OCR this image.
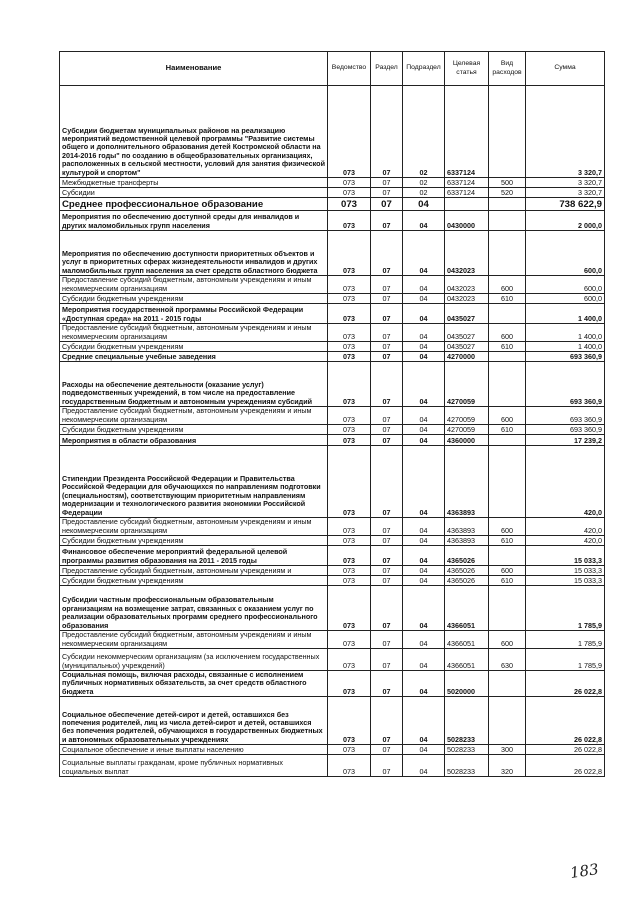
Наименование	Ведомство	Раздел	Подраздел	Целевая статья	Вид расходов	Сумма
Субсидии бюджетам муниципальных районов на реализацию мероприятий ведомственной целевой программы "Развитие системы общего и дополнительного образования детей Костромской области на 2014-2016 годы" по созданию в общеобразовательных организациях, расположенных в сельской местности, условий для занятия физической культурой и спортом"	073	07	02	6337124		3 320,7
Межбюджетные трансферты	073	07	02	6337124	500	3 320,7
Субсидии	073	07	02	6337124	520	3 320,7
Среднее профессиональное образование	073	07	04			738 622,9
Мероприятия по обеспечению доступной среды для инвалидов и других маломобильных групп населения	073	07	04	0430000		2 000,0
Мероприятия по обеспечению доступности приоритетных объектов и услуг в приоритетных сферах жизнедеятельности инвалидов и других маломобильных групп населения за счет средств областного бюджета	073	07	04	0432023		600,0
Предоставление субсидий бюджетным, автономным учреждениям и иным некоммерческим организациям	073	07	04	0432023	600	600,0
Субсидии бюджетным учреждениям	073	07	04	0432023	610	600,0
Мероприятия государственной программы Российской Федерации «Доступная среда» на 2011 - 2015 годы	073	07	04	0435027		1 400,0
Предоставление субсидий бюджетным, автономным учреждениям и иным некоммерческим организациям	073	07	04	0435027	600	1 400,0
Субсидии бюджетным учреждениям	073	07	04	0435027	610	1 400,0
Средние специальные учебные заведения	073	07	04	4270000		693 360,9
Расходы на обеспечение деятельности (оказание услуг) подведомственных учреждений, в том числе на предоставление государственным бюджетным и автономным учреждениям субсидий	073	07	04	4270059		693 360,9
Предоставление субсидий бюджетным, автономным учреждениям и иным некоммерческим организациям	073	07	04	4270059	600	693 360,9
Субсидии бюджетным учреждениям	073	07	04	4270059	610	693 360,9
Мероприятия в области образования	073	07	04	4360000		17 239,2
Стипендии Президента Российской Федерации и Правительства Российской Федерации для обучающихся по направлениям подготовки (специальностям), соответствующим приоритетным направлениям модернизации и технологического развития экономики Российской Федерации	073	07	04	4363893		420,0
Предоставление субсидий бюджетным, автономным учреждениям и иным некоммерческим организациям	073	07	04	4363893	600	420,0
Субсидии бюджетным учреждениям	073	07	04	4363893	610	420,0
Финансовое обеспечение мероприятий федеральной целевой программы развития образования на 2011 - 2015 годы	073	07	04	4365026		15 033,3
Предоставление субсидий бюджетным, автономным учреждениям и	073	07	04	4365026	600	15 033,3
Субсидии бюджетным учреждениям	073	07	04	4365026	610	15 033,3
Субсидии частным профессиональным образовательным организациям на возмещение затрат, связанных с оказанием услуг по реализации образовательных программ среднего профессионального образования	073	07	04	4366051		1 785,9
Предоставление субсидий бюджетным, автономным учреждениям и иным некоммерческим организациям	073	07	04	4366051	600	1 785,9
Субсидии некоммерческим организациям (за исключением государственных (муниципальных) учреждений)	073	07	04	4366051	630	1 785,9
Социальная помощь, включая расходы, связанные с исполнением публичных нормативных обязательств, за счет средств областного бюджета	073	07	04	5020000		26 022,8
Социальное обеспечение детей-сирот и детей, оставшихся без попечения родителей, лиц из числа детей-сирот и детей, оставшихся без попечения родителей, обучающихся в государственных бюджетных и автономных образовательных учреждениях	073	07	04	5028233		26 022,8
Социальное обеспечение и иные выплаты населению	073	07	04	5028233	300	26 022,8
Социальные выплаты гражданам, кроме публичных нормативных социальных выплат	073	07	04	5028233	320	26 022,8
183
